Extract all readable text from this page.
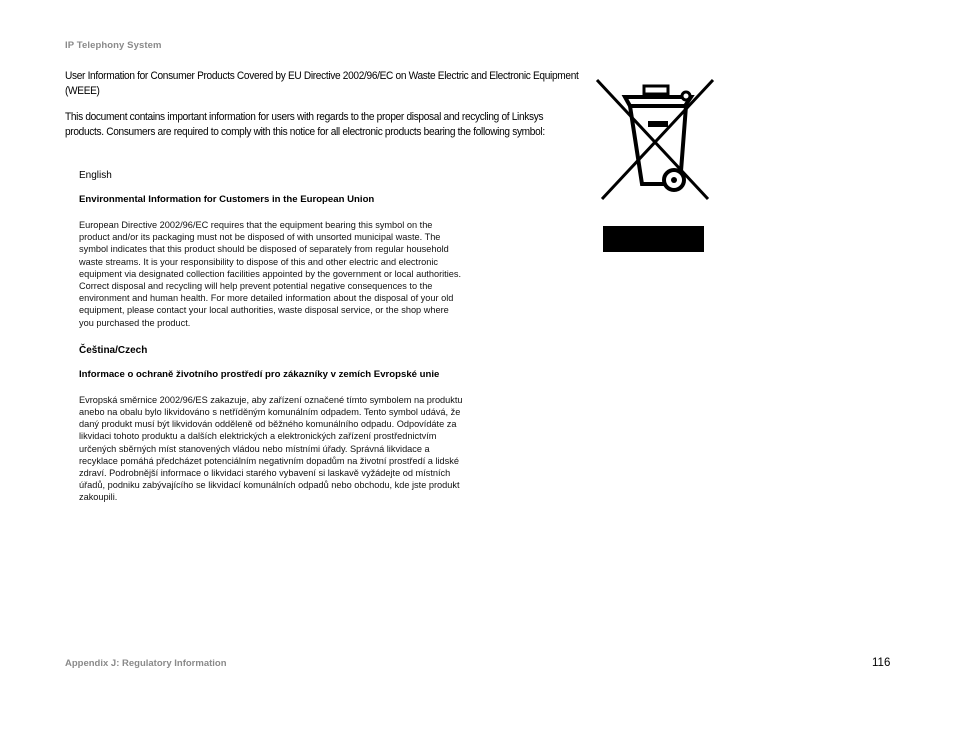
IP Telephony System
User Information for Consumer Products Covered by EU Directive 2002/96/EC on Waste Electric and Electronic Equipment (WEEE)
This document contains important information for users with regards to the proper disposal and recycling of Linksys products. Consumers are required to comply with this notice for all electronic products bearing the following symbol:
English
Environmental Information for Customers in the European Union
European Directive 2002/96/EC requires that the equipment bearing this symbol on the product and/or its packaging must not be disposed of with unsorted municipal waste. The symbol indicates that this product should be disposed of separately from regular household waste streams. It is your responsibility to dispose of this and other electric and electronic equipment via designated collection facilities appointed by the government or local authorities. Correct disposal and recycling will help prevent potential negative consequences to the environment and human health. For more detailed information about the disposal of your old equipment, please contact your local authorities, waste disposal service, or the shop where you purchased the product.
Čeština/Czech
Informace o ochraně životního prostředí pro zákazníky v zemích Evropské unie
Evropská směrnice 2002/96/ES zakazuje, aby zařízení označené tímto symbolem na produktu anebo na obalu bylo likvidováno s netříděným komunálním odpadem. Tento symbol udává, že daný produkt musí být likvidován odděleně od běžného komunálního odpadu. Odpovídáte za likvidaci tohoto produktu a dalších elektrických a elektronických zařízení prostřednictvím určených sběrných míst stanovených vládou nebo místními úřady. Správná likvidace a recyklace pomáhá předcházet potenciálním negativním dopadům na životní prostředí a lidské zdraví. Podrobnější informace o likvidaci starého vybavení si laskavě vyžádejte od místních úřadů, podniku zabývajícího se likvidací komunálních odpadů nebo obchodu, kde jste produkt zakoupili.
Appendix J: Regulatory Information	116
